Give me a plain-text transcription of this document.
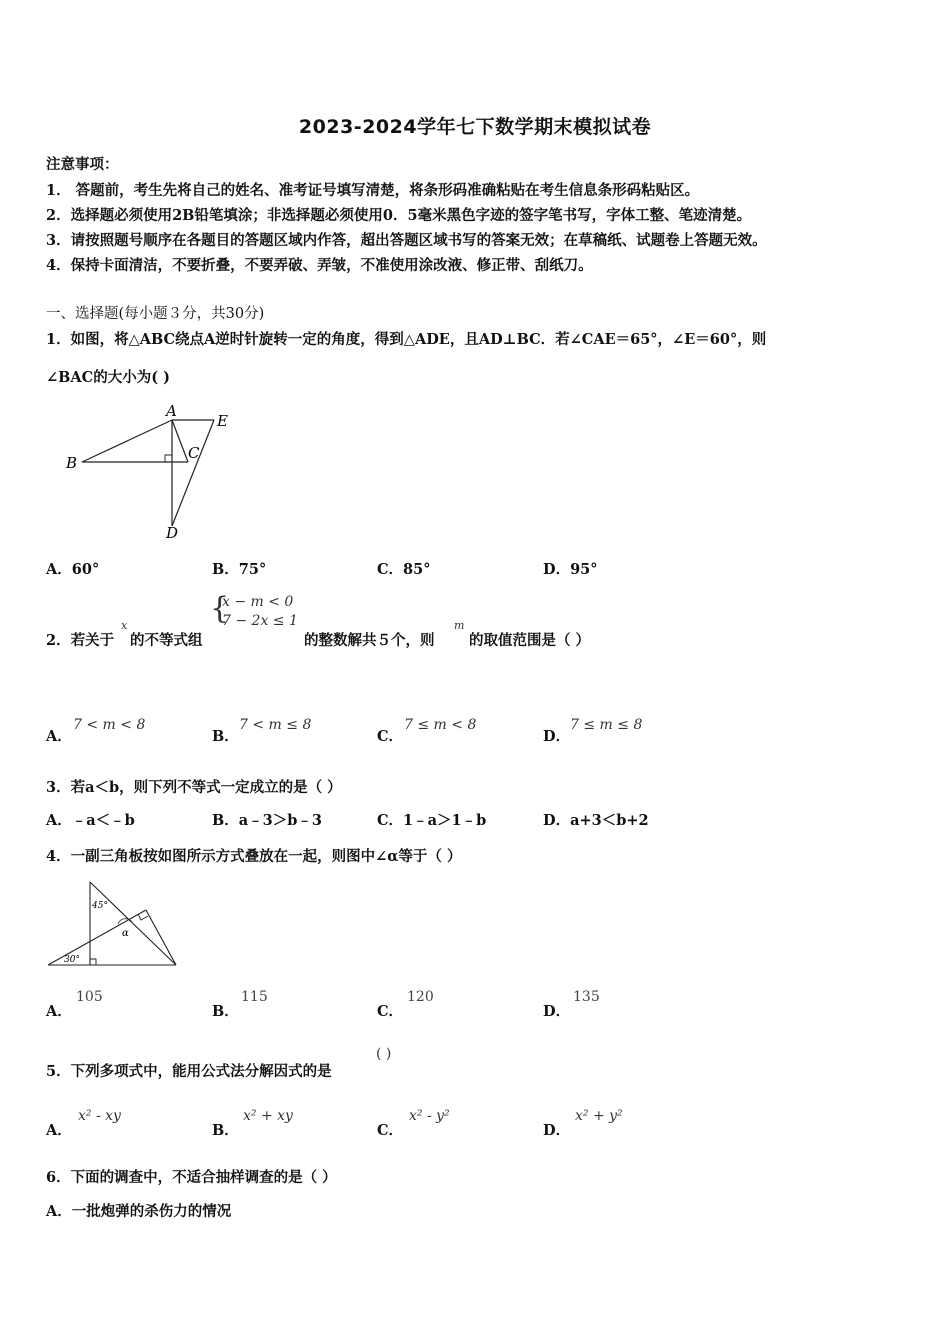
2023-2024学年七下数学期末模拟试卷
注意事项：
1． 答题前，考生先将自己的姓名、准考证号填写清楚，将条形码准确粘贴在考生信息条形码粘贴区。
2．选择题必须使用2B铅笔填涂；非选择题必须使用0．5毫米黑色字迹的签字笔书写，字体工整、笔迹清楚。
3．请按照题号顺序在各题目的答题区域内作答，超出答题区域书写的答案无效；在草稿纸、试题卷上答题无效。
4．保持卡面清洁，不要折叠，不要弄破、弄皱，不准使用涂改液、修正带、刮纸刀。
一、选择题(每小题３分，共30分)
1．如图，将△ABC绕点A逆时针旋转一定的角度，得到△ADE，且AD⊥BC．若∠CAE＝65°，∠E＝60°，则
∠BAC的大小为( )
A
B
C
D
E
A．60°	B．75°	C．85°	D．95°
2．若关于
x
的不等式组
{
x − m < 0
7 − 2x ≤ 1
的整数解共５个，则
m
的取值范围是（ ）
A．
7 < m < 8
B．
7 < m ≤ 8
C．
7 ≤ m < 8
D．
7 ≤ m ≤ 8
3．若a＜b，则下列不等式一定成立的是（ ）
A．﹣a＜﹣b	B．a﹣3＞b﹣3	C．1﹣a＞1﹣b	D．a+3＜b+2
4．一副三角板按如图所示方式叠放在一起，则图中∠α等于（ ）
45°
30°
α
A．
105
B．
115
C．
120
D．
135
5．下列多项式中，能用公式法分解因式的是
( )
A．
x² - xy
B．
x² + xy
C．
x² - y²
D．
x² + y²
6．下面的调查中，不适合抽样调查的是（ ）
A．一批炮弹的杀伤力的情况
